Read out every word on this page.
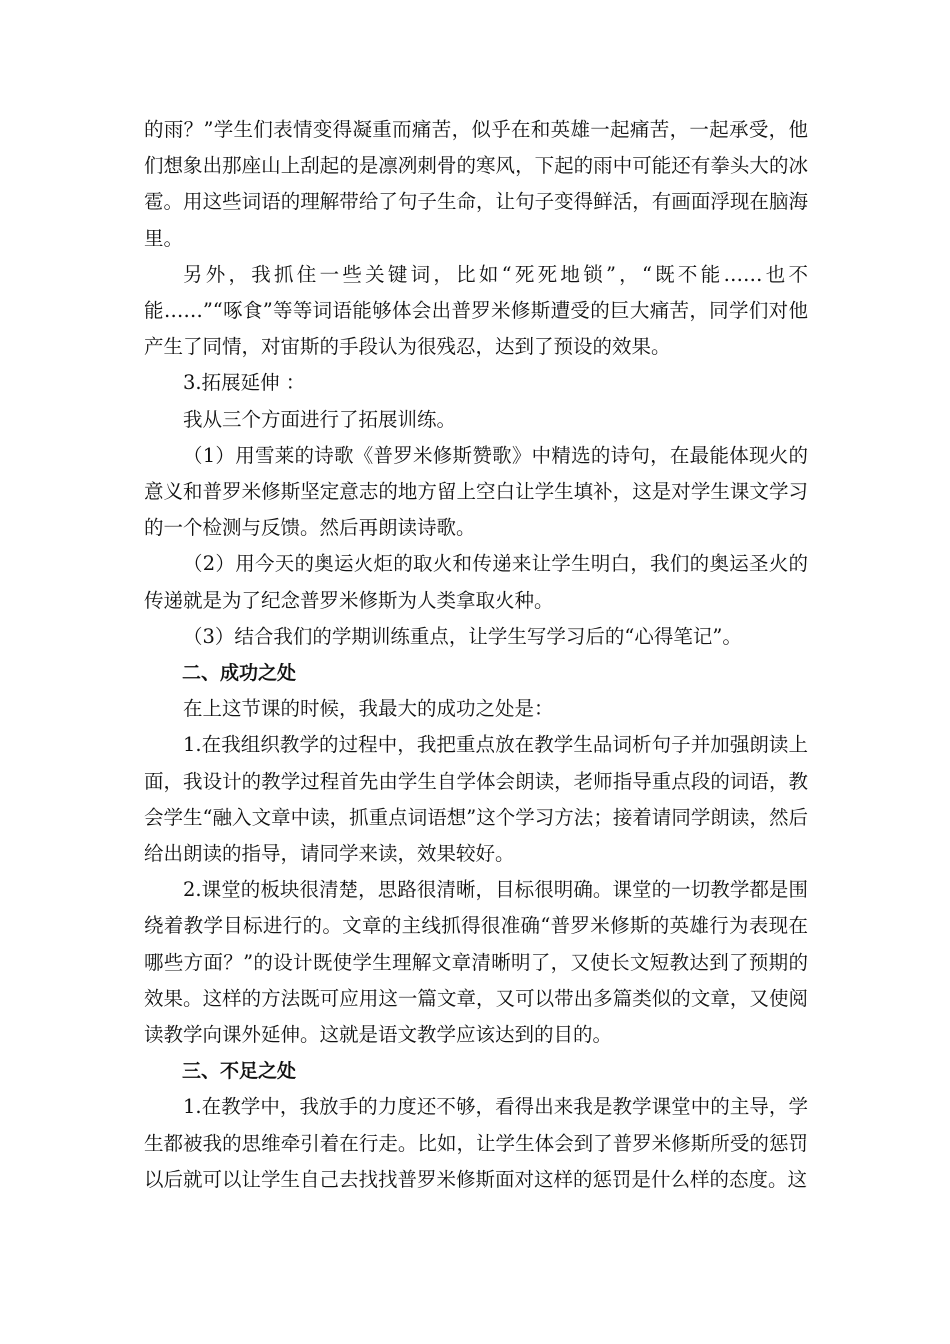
的雨？”学生们表情变得凝重而痛苦，似乎在和英雄一起痛苦，一起承受，他们想象出那座山上刮起的是凛冽刺骨的寒风，下起的雨中可能还有拳头大的冰雹。用这些词语的理解带给了句子生命，让句子变得鲜活，有画面浮现在脑海里。

另外，我抓住一些关键词，比如“死死地锁”，“既不能……也不能……”“啄食”等等词语能够体会出普罗米修斯遭受的巨大痛苦，同学们对他产生了同情，对宙斯的手段认为很残忍，达到了预设的效果。

3.拓展延伸 ：

我从三个方面进行了拓展训练。

（1）用雪莱的诗歌《普罗米修斯赞歌》中精选的诗句，在最能体现火的意义和普罗米修斯坚定意志的地方留上空白让学生填补，这是对学生课文学习的一个检测与反馈。然后再朗读诗歌。

（2）用今天的奥运火炬的取火和传递来让学生明白，我们的奥运圣火的传递就是为了纪念普罗米修斯为人类拿取火种。

（3）结合我们的学期训练重点，让学生写学习后的“心得笔记”。

二、成功之处

在上这节课的时候，我最大的成功之处是：

1.在我组织教学的过程中，我把重点放在教学生品词析句子并加强朗读上面，我设计的教学过程首先由学生自学体会朗读，老师指导重点段的词语，教会学生“融入文章中读，抓重点词语想”这个学习方法；接着请同学朗读，然后给出朗读的指导，请同学来读，效果较好。

2.课堂的板块很清楚，思路很清晰，目标很明确。课堂的一切教学都是围绕着教学目标进行的。文章的主线抓得很准确“普罗米修斯的英雄行为表现在哪些方面？”的设计既使学生理解文章清晰明了，又使长文短教达到了预期的效果。这样的方法既可应用这一篇文章，又可以带出多篇类似的文章，又使阅读教学向课外延伸。这就是语文教学应该达到的目的。

三、不足之处

1.在教学中，我放手的力度还不够，看得出来我是教学课堂中的主导，学生都被我的思维牵引着在行走。比如，让学生体会到了普罗米修斯所受的惩罚以后就可以让学生自己去找找普罗米修斯面对这样的惩罚是什么样的态度。这
